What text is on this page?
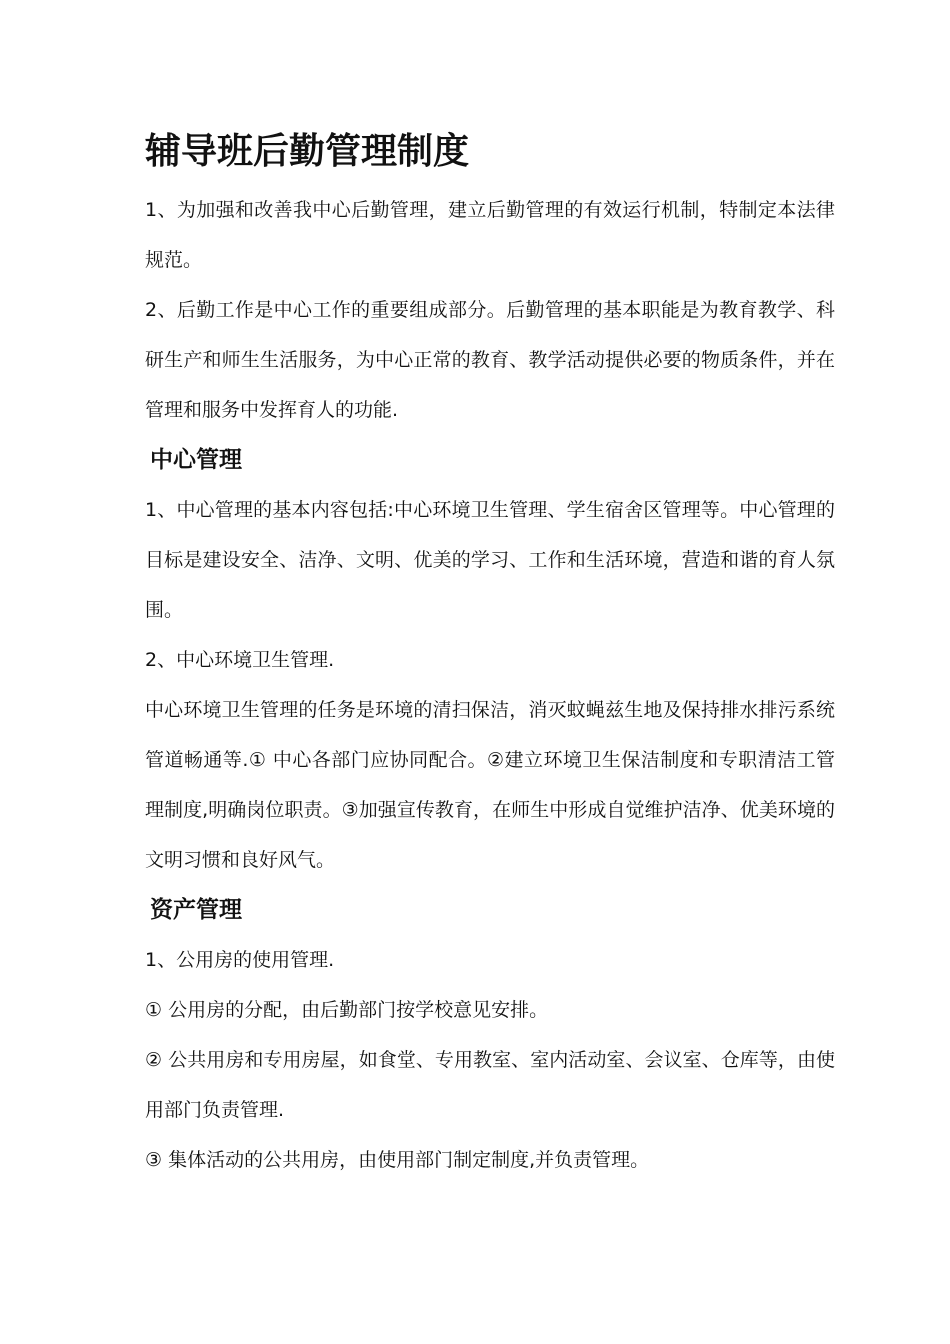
辅导班后勤管理制度

1、为加强和改善我中心后勤管理，建立后勤管理的有效运行机制，特制定本法律规范。

2、后勤工作是中心工作的重要组成部分。后勤管理的基本职能是为教育教学、科研生产和师生生活服务，为中心正常的教育、教学活动提供必要的物质条件，并在管理和服务中发挥育人的功能.

中心管理

1、中心管理的基本内容包括:中心环境卫生管理、学生宿舍区管理等。中心管理的目标是建设安全、洁净、文明、优美的学习、工作和生活环境，营造和谐的育人氛围。

2、中心环境卫生管理.

中心环境卫生管理的任务是环境的清扫保洁，消灭蚊蝇兹生地及保持排水排污系统管道畅通等.① 中心各部门应协同配合。②建立环境卫生保洁制度和专职清洁工管理制度,明确岗位职责。③加强宣传教育，在师生中形成自觉维护洁净、优美环境的文明习惯和良好风气。

资产管理

1、公用房的使用管理.

① 公用房的分配，由后勤部门按学校意见安排。

② 公共用房和专用房屋，如食堂、专用教室、室内活动室、会议室、仓库等，由使用部门负责管理.

③ 集体活动的公共用房，由使用部门制定制度,并负责管理。
